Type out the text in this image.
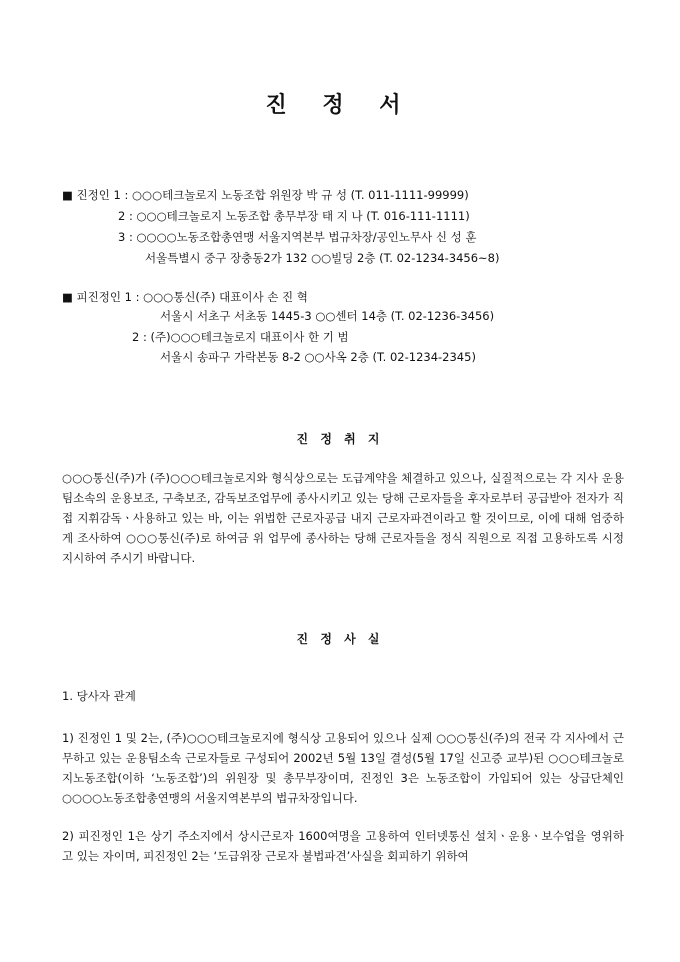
진 정 서
■ 진정인 1 : ○○○테크놀로지 노동조합 위원장 박 규 성 (T. 011-1111-99999)
2 : ○○○테크놀로지 노동조합 총무부장 태 지 나 (T. 016-111-1111)
3 : ○○○○노동조합총연맹 서울지역본부 법규차장/공인노무사 신 성 훈
서울특별시 중구 장충동2가 132 ○○빌딩 2층 (T. 02-1234-3456~8)
■ 피진정인 1 : ○○○통신(주) 대표이사 손 진 혁
서울시 서초구 서초동 1445-3 ○○센터 14층 (T. 02-1236-3456)
2 : (주)○○○테크놀로지 대표이사 한 기 범
서울시 송파구 가락본동 8-2 ○○사옥 2층 (T. 02-1234-2345)
진 정 취 지
○○○통신(주)가 (주)○○○테크놀로지와 형식상으로는 도급계약을 체결하고 있으나, 실질적으로는 각 지사 운용팀소속의 운용보조, 구축보조, 감독보조업무에 종사시키고 있는 당해 근로자들을 후자로부터 공급받아 전자가 직접 지휘감독ㆍ사용하고 있는 바, 이는 위법한 근로자공급 내지 근로자파견이라고 할 것이므로, 이에 대해 엄중하게 조사하여 ○○○통신(주)로 하여금 위 업무에 종사하는 당해 근로자들을 정식 직원으로 직접 고용하도록 시정 지시하여 주시기 바랍니다.
진 정 사 실
1. 당사자 관계
1) 진정인 1 및 2는, (주)○○○테크놀로지에 형식상 고용되어 있으나 실제 ○○○통신(주)의 전국 각 지사에서 근무하고 있는 운용팀소속 근로자들로 구성되어 2002년 5월 13일 결성(5월 17일 신고증 교부)된 ○○○테크놀로지노동조합(이하 ‘노동조합’)의 위원장 및 총무부장이며, 진정인 3은 노동조합이 가입되어 있는 상급단체인 ○○○○노동조합총연맹의 서울지역본부의 법규차장입니다.
2) 피진정인 1은 상기 주소지에서 상시근로자 1600여명을 고용하여 인터넷통신 설치ㆍ운용ㆍ보수업을 영위하고 있는 자이며, 피진정인 2는 ‘도급위장 근로자 불법파견’사실을 회피하기 위하여
